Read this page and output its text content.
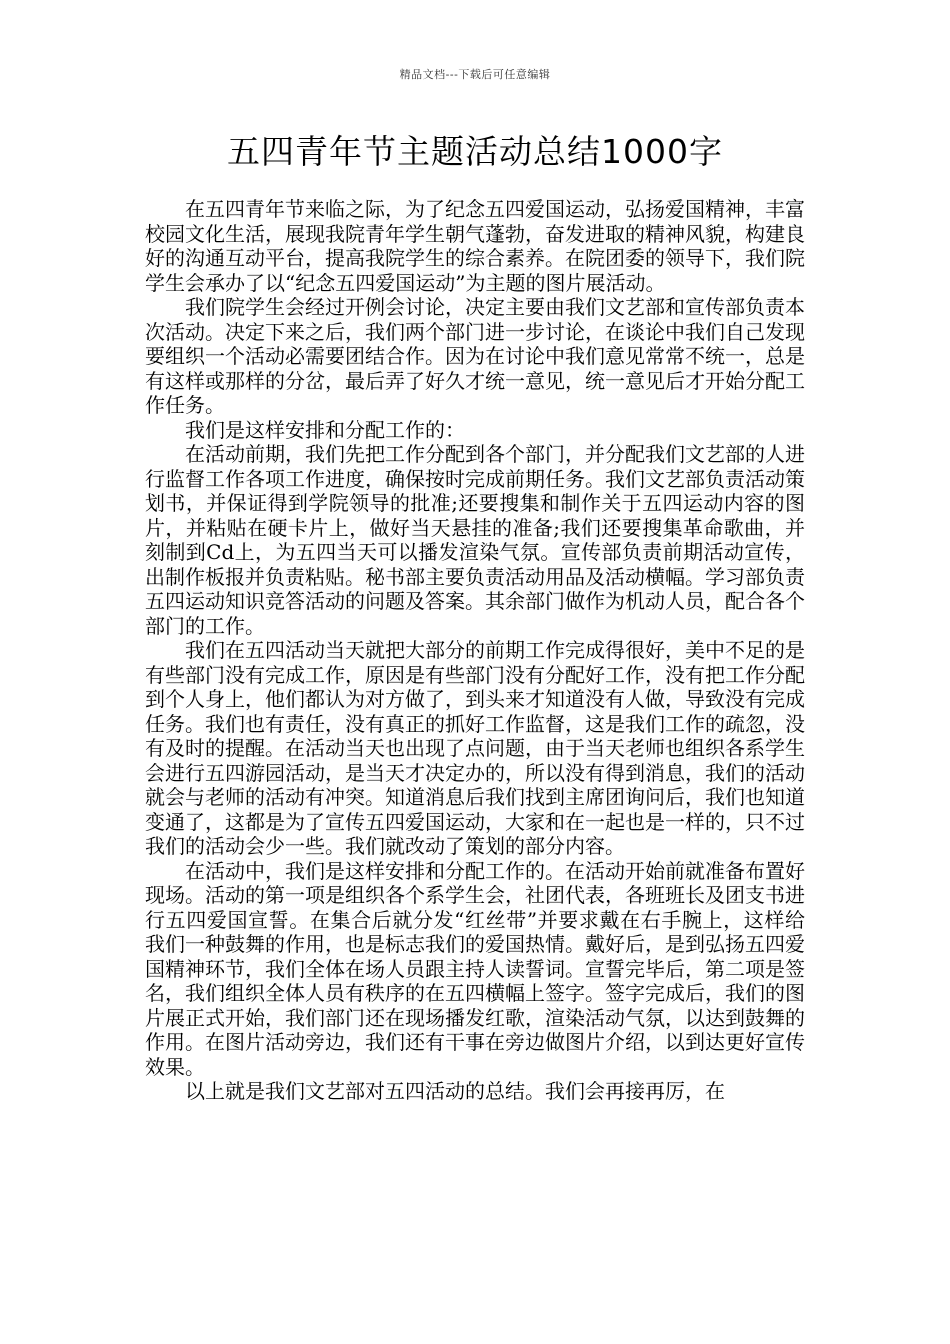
精品文档---下载后可任意编辑
五四青年节主题活动总结1000字

在五四青年节来临之际，为了纪念五四爱国运动，弘扬爱国精神，丰富校园文化生活，展现我院青年学生朝气蓬勃，奋发进取的精神风貌，构建良好的沟通互动平台，提高我院学生的综合素养。在院团委的领导下，我们院学生会承办了以“纪念五四爱国运动”为主题的图片展活动。

我们院学生会经过开例会讨论，决定主要由我们文艺部和宣传部负责本次活动。决定下来之后，我们两个部门进一步讨论，在谈论中我们自己发现要组织一个活动必需要团结合作。因为在讨论中我们意见常常不统一，总是有这样或那样的分岔，最后弄了好久才统一意见，统一意见后才开始分配工作任务。

我们是这样安排和分配工作的：

在活动前期，我们先把工作分配到各个部门，并分配我们文艺部的人进行监督工作各项工作进度，确保按时完成前期任务。我们文艺部负责活动策划书，并保证得到学院领导的批准;还要搜集和制作关于五四运动内容的图片，并粘贴在硬卡片上，做好当天悬挂的准备;我们还要搜集革命歌曲，并刻制到Cd上，为五四当天可以播发渲染气氛。宣传部负责前期活动宣传，出制作板报并负责粘贴。秘书部主要负责活动用品及活动横幅。学习部负责五四运动知识竞答活动的问题及答案。其余部门做作为机动人员，配合各个部门的工作。

我们在五四活动当天就把大部分的前期工作完成得很好，美中不足的是有些部门没有完成工作，原因是有些部门没有分配好工作，没有把工作分配到个人身上，他们都认为对方做了，到头来才知道没有人做，导致没有完成任务。我们也有责任，没有真正的抓好工作监督，这是我们工作的疏忽，没有及时的提醒。在活动当天也出现了点问题，由于当天老师也组织各系学生会进行五四游园活动，是当天才决定办的，所以没有得到消息，我们的活动就会与老师的活动有冲突。知道消息后我们找到主席团询问后，我们也知道变通了，这都是为了宣传五四爱国运动，大家和在一起也是一样的，只不过我们的活动会少一些。我们就改动了策划的部分内容。

在活动中，我们是这样安排和分配工作的。在活动开始前就准备布置好现场。活动的第一项是组织各个系学生会，社团代表，各班班长及团支书进行五四爱国宣誓。在集合后就分发“红丝带”并要求戴在右手腕上，这样给我们一种鼓舞的作用，也是标志我们的爱国热情。戴好后，是到弘扬五四爱国精神环节，我们全体在场人员跟主持人读誓词。宣誓完毕后，第二项是签名，我们组织全体人员有秩序的在五四横幅上签字。签字完成后，我们的图片展正式开始，我们部门还在现场播发红歌，渲染活动气氛，以达到鼓舞的作用。在图片活动旁边，我们还有干事在旁边做图片介绍，以到达更好宣传效果。

以上就是我们文艺部对五四活动的总结。我们会再接再厉，在
